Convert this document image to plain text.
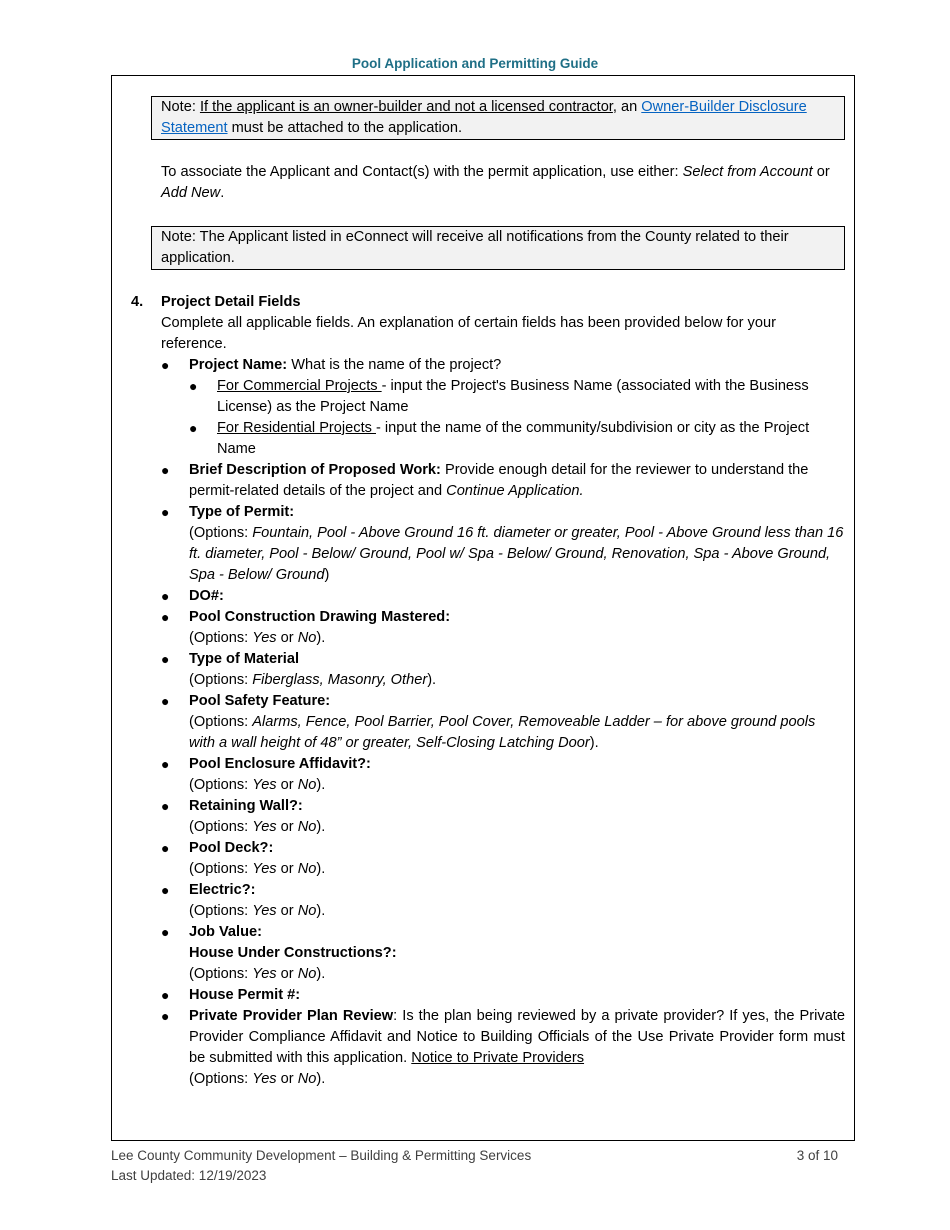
Pool Application and Permitting Guide
Note: If the applicant is an owner-builder and not a licensed contractor, an Owner-Builder Disclosure Statement must be attached to the application.

To associate the Applicant and Contact(s) with the permit application, use either: Select from Account or Add New.

Note: The Applicant listed in eConnect will receive all notifications from the County related to their application.
4. Project Detail Fields

Complete all applicable fields. An explanation of certain fields has been provided below for your reference.

● Project Name: What is the name of the project?
● For Commercial Projects - input the Project's Business Name (associated with the Business License) as the Project Name
● For Residential Projects - input the name of the community/subdivision or city as the Project Name
● Brief Description of Proposed Work: Provide enough detail for the reviewer to understand the permit-related details of the project and Continue Application.
● Type of Permit:
(Options: Fountain, Pool - Above Ground 16 ft. diameter or greater, Pool - Above Ground less than 16 ft. diameter, Pool - Below/ Ground, Pool w/ Spa - Below/ Ground, Renovation, Spa - Above Ground, Spa - Below/ Ground)
● DO#:
● Pool Construction Drawing Mastered:
(Options: Yes or No).
● Type of Material
(Options: Fiberglass, Masonry, Other).
● Pool Safety Feature:
(Options: Alarms, Fence, Pool Barrier, Pool Cover, Removeable Ladder – for above ground pools with a wall height of 48” or greater, Self-Closing Latching Door).
● Pool Enclosure Affidavit?:
(Options: Yes or No).
● Retaining Wall?:
(Options: Yes or No).
● Pool Deck?:
(Options: Yes or No).
● Electric?:
(Options: Yes or No).
● Job Value:
House Under Constructions?:
(Options: Yes or No).
● House Permit #:
● Private Provider Plan Review: Is the plan being reviewed by a private provider? If yes, the Private Provider Compliance Affidavit and Notice to Building Officials of the Use Private Provider form must be submitted with this application. Notice to Private Providers
(Options: Yes or No).
Lee County Community Development – Building & Permitting Services
Last Updated: 12/19/2023
3 of 10
